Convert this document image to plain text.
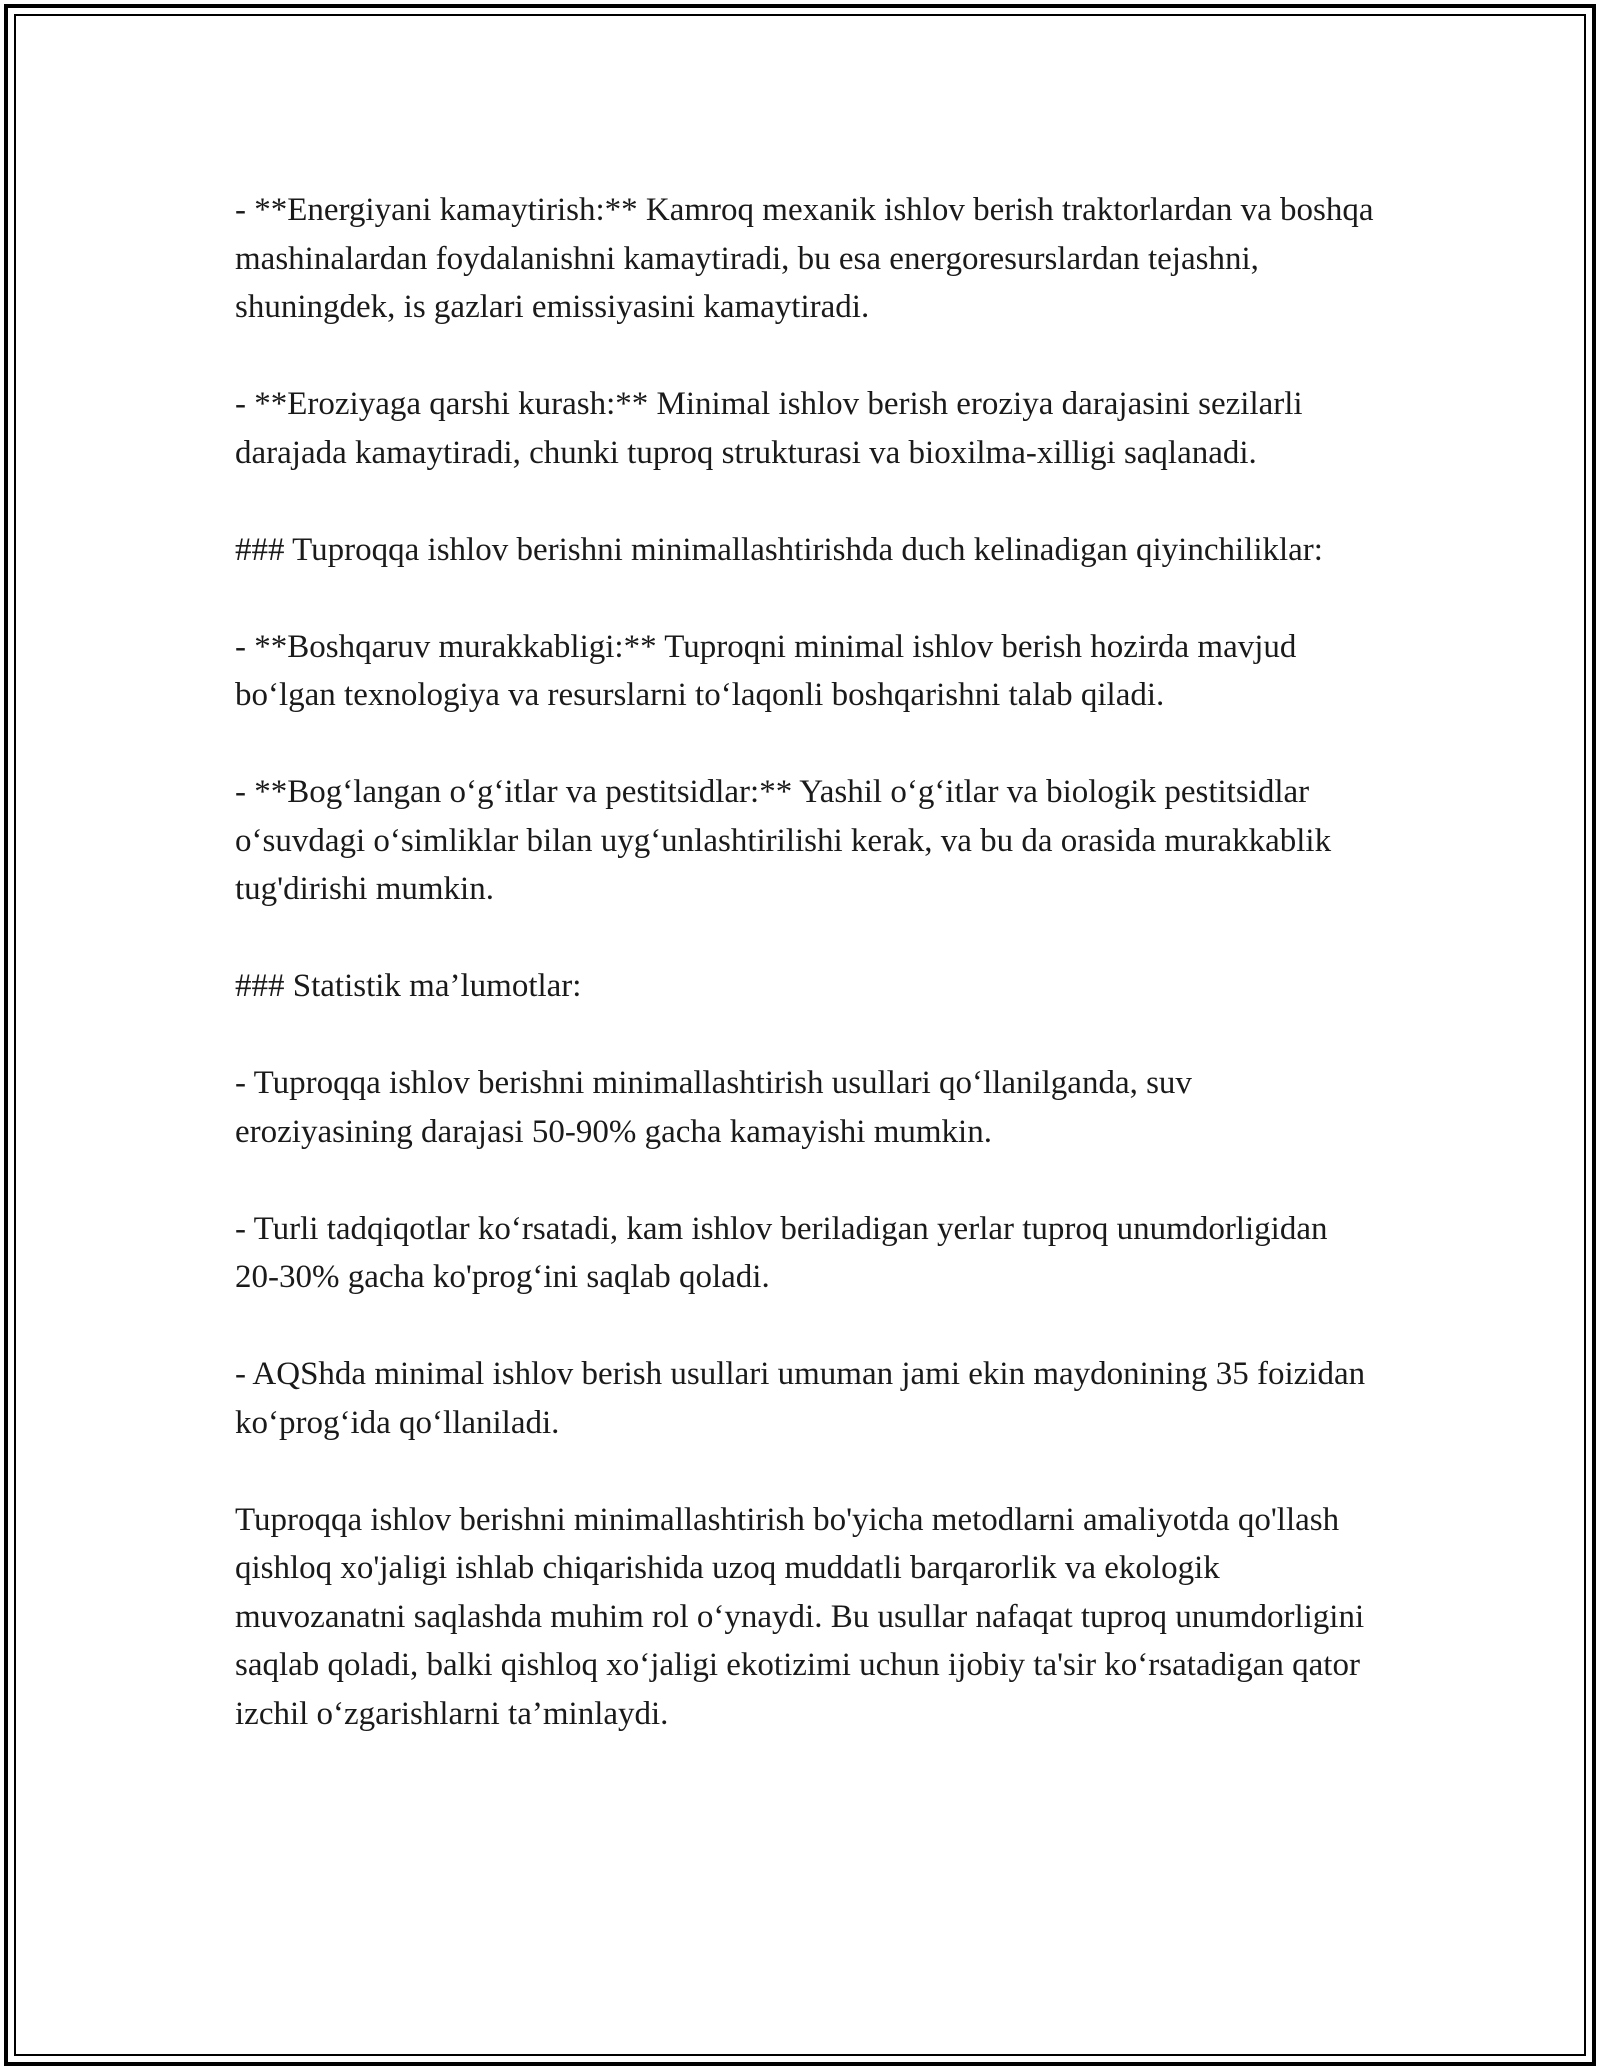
- **Energiyani kamaytirish:** Kamroq mexanik ishlov berish traktorlardan va boshqa mashinalardan foydalanishni kamaytiradi, bu esa energoresurslardan tejashni, shuningdek, is gazlari emissiyasini kamaytiradi.

- **Eroziyaga qarshi kurash:** Minimal ishlov berish eroziya darajasini sezilarli darajada kamaytiradi, chunki tuproq strukturasi va bioxilma-xilligi saqlanadi.

### Tuproqqa ishlov berishni minimallashtirishda duch kelinadigan qiyinchiliklar:

- **Boshqaruv murakkabligi:** Tuproqni minimal ishlov berish hozirda mavjud bo‘lgan texnologiya va resurslarni to‘laqonli boshqarishni talab qiladi.

- **Bog‘langan o‘g‘itlar va pestitsidlar:** Yashil o‘g‘itlar va biologik pestitsidlar o‘suvdagi o‘simliklar bilan uyg‘unlashtirilishi kerak, va bu da orasida murakkablik tug'dirishi mumkin.

### Statistik ma’lumotlar:

- Tuproqqa ishlov berishni minimallashtirish usullari qo‘llanilganda, suv eroziyasining darajasi 50-90% gacha kamayishi mumkin.

- Turli tadqiqotlar ko‘rsatadi, kam ishlov beriladigan yerlar tuproq unumdorligidan 20-30% gacha ko'prog‘ini saqlab qoladi.

- AQShda minimal ishlov berish usullari umuman jami ekin maydonining 35 foizidan ko‘prog‘ida qo‘llaniladi.

Tuproqqa ishlov berishni minimallashtirish bo'yicha metodlarni amaliyotda qo'llash qishloq xo'jaligi ishlab chiqarishida uzoq muddatli barqarorlik va ekologik muvozanatni saqlashda muhim rol o‘ynaydi. Bu usullar nafaqat tuproq unumdorligini saqlab qoladi, balki qishloq xo‘jaligi ekotizimi uchun ijobiy ta'sir ko‘rsatadigan qator izchil o‘zgarishlarni ta’minlaydi.
